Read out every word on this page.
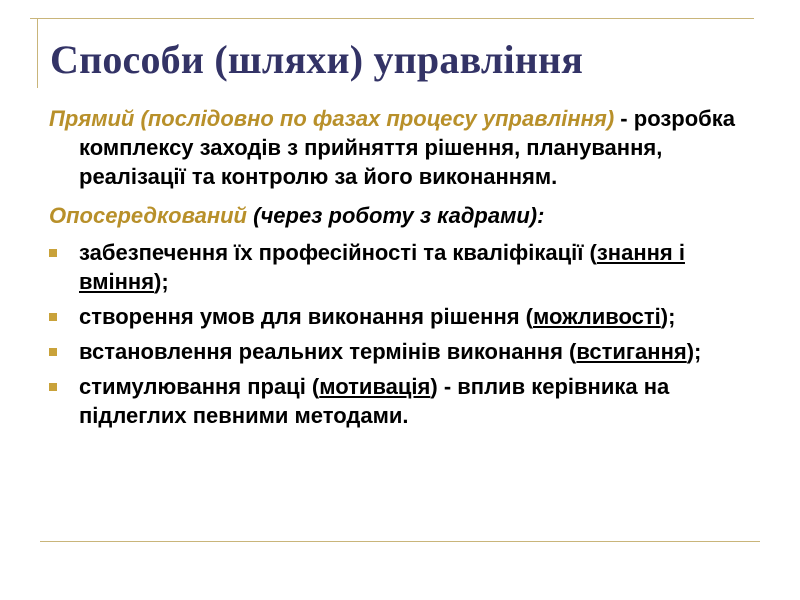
Способи (шляхи) управління

Прямий (послідовно по фазах процесу управління) - розробка комплексу заходів з прийняття рішення, планування, реалізації та контролю за його виконанням.

Опосередкований (через роботу з кадрами):

забезпечення їх професійності та кваліфікації (знання і вміння);
створення умов для виконання рішення (можливості);
встановлення реальних термінів виконання (встигання);
стимулювання праці (мотивація) - вплив керівника на підлеглих певними методами.
